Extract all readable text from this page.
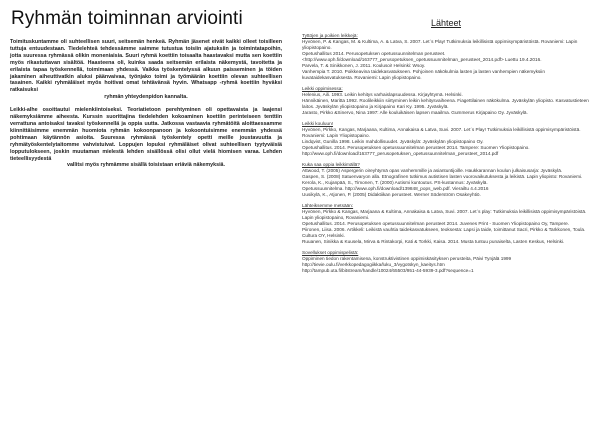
Ryhmän toiminnan arviointi

Toimituskuntamme oli suhteellisen suuri, seitsemän henkeä. Ryhmän jäsenet eivät kaikki olleet toisilleen tuttuja entuudestaan. Tiedelehteä tehdessämme saimme tutustua toisiin ajatuksiin ja toimintatapoihin, jotta suuressa ryhmässä olikin moneniaisia. Suuri ryhmä koettiin toisaalta haastavaksi mutta sen koettiin myös rikastuttavan sisältöä. Haasteena oli, kuinka saada seitsemän erilaista näkemystä, tavoitetta ja erilaista tapaa työskennellä, toimimaan yhdessä. Vaikka työskentelyssä alkuun paisseminen ja töiden jakaminen aiheuttivatkin aluksi päänvaivaa, työnjako toimi ja työmäärän koettiin olevan suhteellisen tasainen. Kaikki ryhmäläiset myös hoitivat omat tehtävänsä hyvin. Whatsapp -ryhmä koettiin hyväksi ratkaisuksi
ryhmän yhteydenpidon kannalta.

Leikki-alhe osoittautui mielenkiintoiseksi. Teoriatietoon perehtyminen oli opettavaista ja laajensi näkemyksiämme aiheesta. Kurssin suorittajina tiedelehden kokoaminen koettiin perinteiseen tenttiin verrattuna antoisaksi tavaksi työskennellä ja oppia uutta. Jatkossa vastaavia ryhmätöitä aloittaessamme kiinnittäisimme enemmän huomiota ryhmän kokoonpanoon ja kokoontuisimme enemmän yhdessä pohtimaan käytännön asioita. Suuressa ryhmässä työskentely opetti meille joustavuutta ja ryhmätyöskentelytaitomme vahvistuivat. Loppujen lopuksi ryhmäläiset olivat suhteellisen tyytyväisiä lopputulokseen, joskin muutaman mielestä lehden sisällössä olisi ollut vielä hiomisen varaa. Lehden tieteellisyydestä
vallitsi myös ryhmämme sisällä toisistaan eriäviä näkemyksiä.

Lähteet
Tyttöjen ja poikien leikkejä:
Hyvönen, P. & Kangas, M. & Kultima, A. & Latva, S. 2007. Let´s Play! Tutkimuksia leikillisistä oppimisympäristöistä. Rovaniemi: Lapin yliopistopaino.
Opetushallitus 2014. Perusopetuksen opetussuunnitelman perusteet. <http://www.oph.fi/download/163777_perusopetuksen_opetussuunnitelman_perusteet_2014.pdf> Luettu 19.4.2016.
Parvela, T. & Sinikkonen, J. 2011. Koulusoi! Helsinki: Wsoy.
Vanhempia T. 2010. Poikkeavina taidekasvatukseen. Pohjoinen näkökulmia lasten ja lasten vanhempien näkemyksiin kuvataidekasvatuksesta. Rovaniemi: Lapin yliopistopaino.
Leikki oppimisessa:
Helenius, Aili. 1993. Leikin kehitys varhaislapsuudessa. Kirjayhtymä. Helsinki.
Hännikäinen, Maritta 1992. Roolileikkiin siirtyminen leikin kehitysvaiheena. Fiagettilainen näkökulma. Jyväskylän yliopisto. Kasvatustieteen laitos. Jyväskylän yliopistopaino ja Kirjapaino Kari Ky. 1995. Jyväskylä.
Jarasto, Pirkko &Sinervo, Nina 1997: Alle kouluikäisen lapsen maailma. Gummerus Kirjapaino Oy. Jyväskylä.
Leikki kouluun!
Hyvönen, Pirkko, Kangas, Marjaana, Kultima, Annakaisa & Latva, Suvi. 2007. Let´s Play! Tutkimuksia leikillisistä oppimisympäristöistä. Rovaniemi: Lapin Yliopistopaino.
Lindqvist, Gunilla 1998. Leikin mahdollisuudet. Jyväskylä: Jyväskylän yliopistopaino Oy.
Opetushallitus. 2014. Perusopetuksen opetussuunnitelman perusteet 2014. Tampere: Suomen Yliopistopaino. http://www.oph.fi/download/163777_perusopetuksen_opetussuunnitelman_perusteet_2014.pdf
Kuka saa oppia leikkimällä?
Attwood, T. (2005) Aspergerin oireyhtymä opas vanhemmille ja asiantuntijoille. Haukkarannan koulun julkaisusarja: Jyväskylä.
Gaspen, S. (2008) Satuenvaryon alla. Etnografinen tutkimus autistisen lasten vuorovaikutuksesta ja leikistä. Lapin yliopisto: Rovaniemi.
Kerola, K., Kujanpää, S., Timonen, T. (2000) Autismi kuntoutus. PS-kustannus: Jyväskylä.
Opetussuunnitelma. http://www.oph.fi/download/139848_pops_web.pdf. Vierailtu 4.4.2016
Uusikylä, K., Atjonen, P. (2005) Didaktiikan perusteet. Werner Söderström Osakeyhtiö.
Lähteiksemme metsään:
Hyvönen, Pirkko & Kangas, Marjaana & Kultima, Annakaisa & Latva, Suvi. 2007. Let´s play: Tutkimuksia leikillisistä oppimisympäristöistä. Lapin yliopistopaino, Rovaniemi.
Opetushallitus. 2014. Perusopetuksen opetussuunnitelman perusteet 2014. Juvenes Print - Suomen Yliopistopaino Oy, Tampere.
Piironen, Liisa. 2006. Artikkeli: Leikistä vauhtia taidekasvatukseen, teoksesta: Lapsi ja taide, toimittanut Sacri, Pirkko & Tarkkonen, Toula. Cultura OY, Helsinki.
Ruuanen, Sinikka & Kuusela, Mirva & Rintakorpi, Kati & Torkki, Kaisa. 2014. Musta tuntuu punaiselta, Lasten Keskus, Helsinki.
Sovellukset oppimispelistä:
Oppiminen tiedon rakentamisena, konstruktivistinen oppimiskäsityksen perusteita, Päivi Tynjälä 1999
http://tievie.oulu.fi/verkkopedagogiikka/luku_3/vygotskyn_kaeitys.htm
http://tampub.uta.fi/bitstream/handle/10024/65503/951-44-5939-3.pdf?sequence=1
